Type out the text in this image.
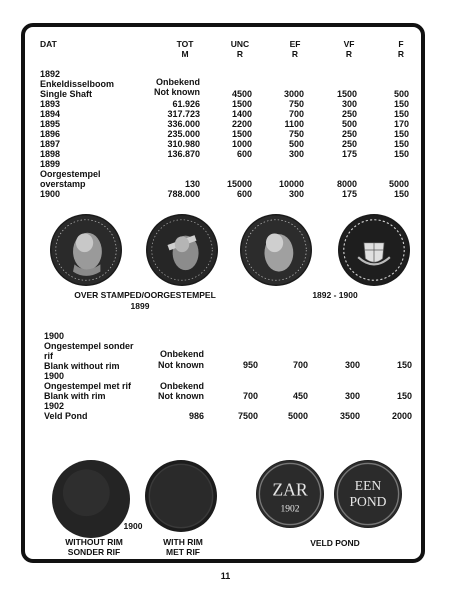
DAT	TOT
M
UNC
R
EF
R
VF
R
F
R
1892
Enkeldisselboom
Single Shaft
1893
1894
1895
1896
1897
1898
1899
Oorgestempel
overstamp
1900
Onbekend
Not known
61.926
317.723
336.000
235.000
310.980
136.870
130
788.000
4500
1500
1400
2200
1500
1000
600
15000
600
3000
750
700
1100
750
500
300
10000
300
1500
300
250
500
250
250
175
8000
175
500
150
150
170
150
150
150
5000
150
OVER STAMPED/OORGESTEMPEL
1899
1892 - 1900
1900
Ongestempel sonder
rif
Blank without rim
1900
Ongestempel met rif
Blank with rim
1902
Veld Pond
Onbekend
Not known
Onbekend
Not known
986
950
700
7500
700
450
5000
300
300
3500
150
150
2000
ZAR
1902
EEN
POND
1900
WITHOUT RIM
SONDER RIF
WITH RIM
MET RIF
VELD POND
11
